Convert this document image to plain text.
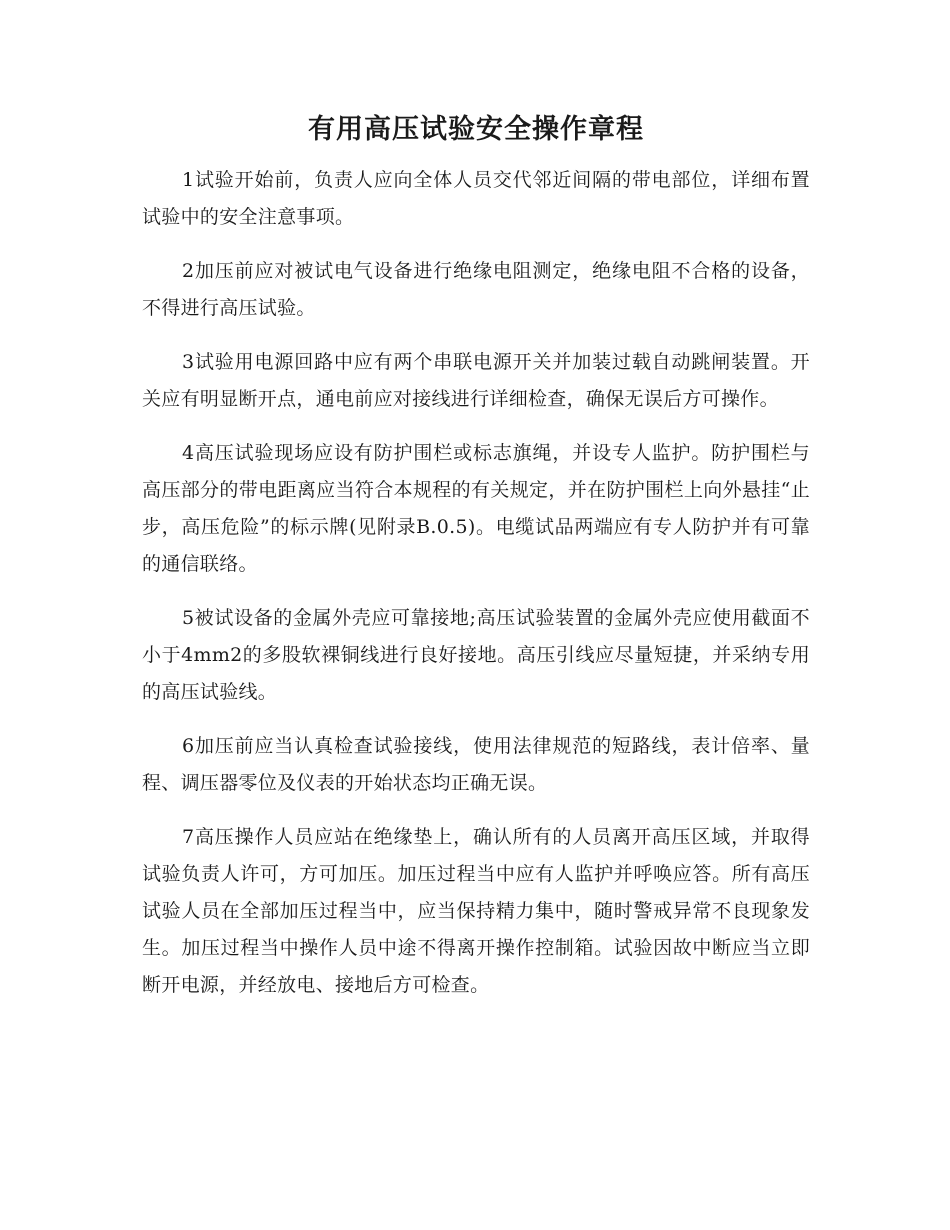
有用高压试验安全操作章程

1试验开始前，负责人应向全体人员交代邻近间隔的带电部位，详细布置试验中的安全注意事项。

2加压前应对被试电气设备进行绝缘电阻测定，绝缘电阻不合格的设备，不得进行高压试验。

3试验用电源回路中应有两个串联电源开关并加装过载自动跳闸装置。开关应有明显断开点，通电前应对接线进行详细检查，确保无误后方可操作。

4高压试验现场应设有防护围栏或标志旗绳，并设专人监护。防护围栏与高压部分的带电距离应当符合本规程的有关规定，并在防护围栏上向外悬挂“止步，高压危险”的标示牌(见附录B.0.5)。电缆试品两端应有专人防护并有可靠的通信联络。

5被试设备的金属外壳应可靠接地;高压试验装置的金属外壳应使用截面不小于4mm2的多股软裸铜线进行良好接地。高压引线应尽量短捷，并采纳专用的高压试验线。

6加压前应当认真检查试验接线，使用法律规范的短路线，表计倍率、量程、调压器零位及仪表的开始状态均正确无误。

7高压操作人员应站在绝缘垫上，确认所有的人员离开高压区域，并取得试验负责人许可，方可加压。加压过程当中应有人监护并呼唤应答。所有高压试验人员在全部加压过程当中，应当保持精力集中，随时警戒异常不良现象发生。加压过程当中操作人员中途不得离开操作控制箱。试验因故中断应当立即断开电源，并经放电、接地后方可检查。
